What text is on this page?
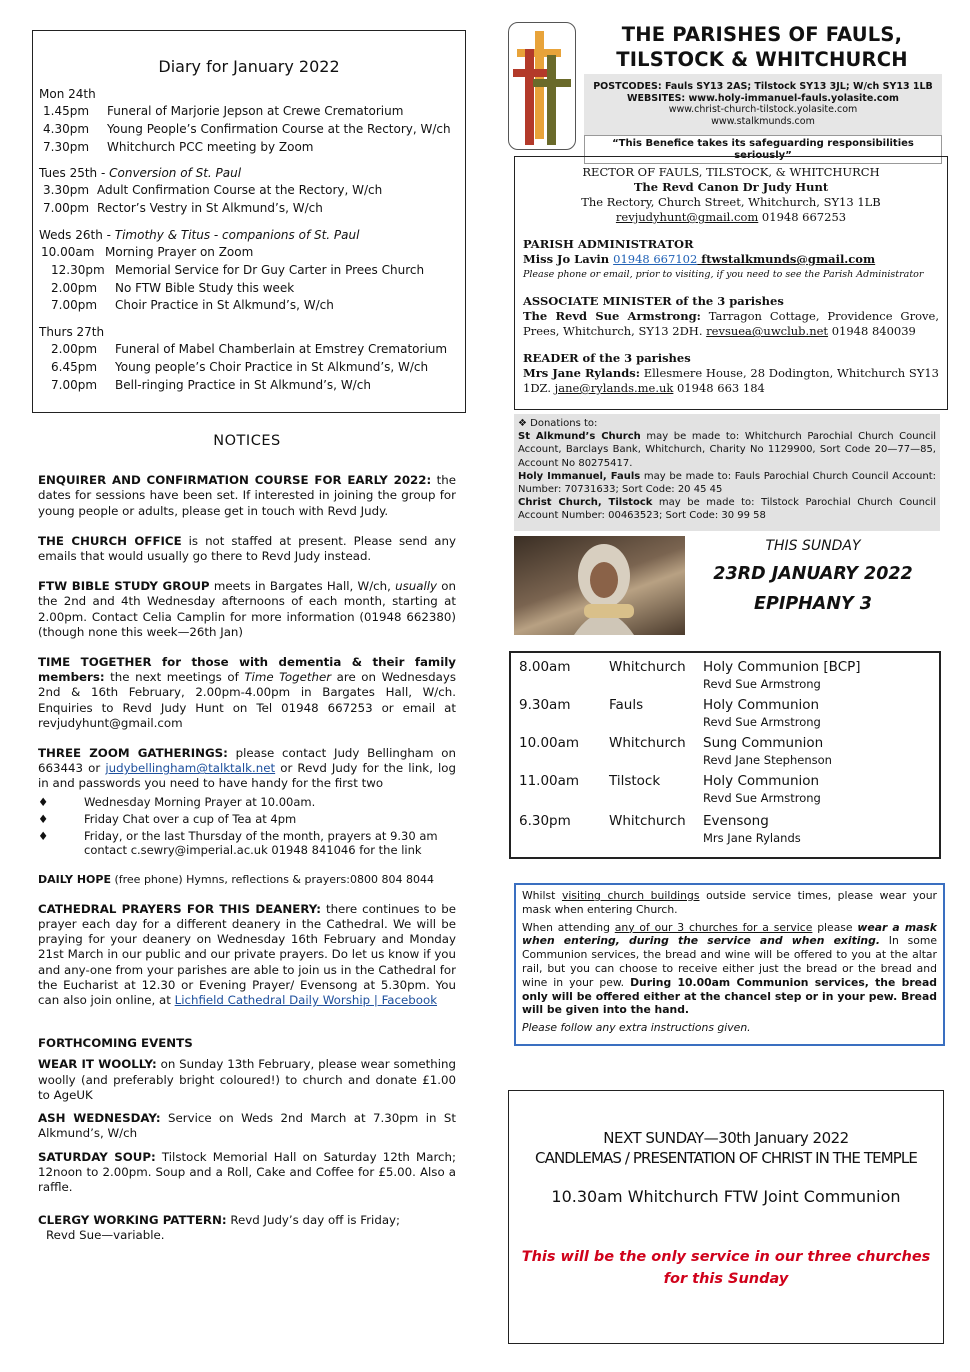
Diary for January 2022
Mon 24th
1.45pm Funeral of Marjorie Jepson at Crewe Crematorium
4.30pm Young People’s Confirmation Course at the Rectory, W/ch
7.30pm Whitchurch PCC meeting by Zoom
Tues 25th - Conversion of St. Paul
3.30pm Adult Confirmation Course at the Rectory, W/ch
7.00pm Rector’s Vestry in St Alkmund’s, W/ch
Weds 26th - Timothy & Titus - companions of St. Paul
10.00am Morning Prayer on Zoom
12.30pm Memorial Service for Dr Guy Carter in Prees Church
2.00pm No FTW Bible Study this week
7.00pm Choir Practice in St Alkmund’s, W/ch
Thurs 27th
2.00pm Funeral of Mabel Chamberlain at Emstrey Crematorium
6.45pm Young people’s Choir Practice in St Alkmund’s, W/ch
7.00pm Bell-ringing Practice in St Alkmund’s, W/ch
NOTICES

ENQUIRER AND CONFIRMATION COURSE FOR EARLY 2022: the dates for sessions have been set. If interested in joining the group for young people or adults, please get in touch with Revd Judy.

THE CHURCH OFFICE is not staffed at present. Please send any emails that would usually go there to Revd Judy instead.

FTW BIBLE STUDY GROUP meets in Bargates Hall, W/ch, usually on the 2nd and 4th Wednesday afternoons of each month, starting at 2.00pm. Contact Celia Camplin for more information (01948 662380) (though none this week—26th Jan)

TIME TOGETHER for those with dementia & their family members: the next meetings of Time Together are on Wednesdays 2nd & 16th February, 2.00pm-4.00pm in Bargates Hall, W/ch. Enquiries to Revd Judy Hunt on Tel 01948 667253 or email at revjudyhunt@gmail.com

THREE ZOOM GATHERINGS: please contact Judy Bellingham on 663443 or judybellingham@talktalk.net or Revd Judy for the link, log in and passwords you need to have handy for the first two
♦	Wednesday Morning Prayer at 10.00am.
♦	Friday Chat over a cup of Tea at 4pm
♦	Friday, or the last Thursday of the month, prayers at 9.30 am contact c.sewry@imperial.ac.uk 01948 841046 for the link

DAILY HOPE (free phone) Hymns, reflections & prayers:0800 804 8044

CATHEDRAL PRAYERS FOR THIS DEANERY: there continues to be prayer each day for a different deanery in the Cathedral. We will be praying for your deanery on Wednesday 16th February and Monday 21st March in our public and our private prayers. Do let us know if you and any-one from your parishes are able to join us in the Cathedral for the Eucharist at 12.30 or Evening Prayer/ Evensong at 5.30pm. You can also join online, at Lichfield Cathedral Daily Worship | Facebook

FORTHCOMING EVENTS

WEAR IT WOOLLY: on Sunday 13th February, please wear something woolly (and preferably bright coloured!) to church and donate £1.00 to AgeUK

ASH WEDNESDAY: Service on Weds 2nd March at 7.30pm in St Alkmund’s, W/ch

SATURDAY SOUP: Tilstock Memorial Hall on Saturday 12th March; 12noon to 2.00pm. Soup and a Roll, Cake and Coffee for £5.00. Also a raffle.

CLERGY WORKING PATTERN: Revd Judy’s day off is Friday;
Revd Sue—variable.

THE PARISHES OF FAULS,
TILSTOCK & WHITCHURCH
POSTCODES: Fauls SY13 2AS; Tilstock SY13 3JL; W/ch SY13 1LB
WEBSITES: www.holy-immanuel-fauls.yolasite.com
www.christ-church-tilstock.yolasite.com
www.stalkmunds.com
“This Benefice takes its safeguarding responsibilities seriously”
RECTOR OF FAULS, TILSTOCK, & WHITCHURCH
The Revd Canon Dr Judy Hunt
The Rectory, Church Street, Whitchurch, SY13 1LB
revjudyhunt@gmail.com 01948 667253
PARISH ADMINISTRATOR
Miss Jo Lavin 01948 667102 ftwstalkmunds@gmail.com
Please phone or email, prior to visiting, if you need to see the Parish Administrator
ASSOCIATE MINISTER of the 3 parishes
The Revd Sue Armstrong: Tarragon Cottage, Providence Grove, Prees, Whitchurch, SY13 2DH. revsuea@uwclub.net 01948 840039
READER of the 3 parishes
Mrs Jane Rylands: Ellesmere House, 28 Dodington, Whitchurch SY13 1DZ. jane@rylands.me.uk 01948 663 184
❖ Donations to:
St Alkmund’s Church may be made to: Whitchurch Parochial Church Council Account, Barclays Bank, Whitchurch, Charity No 1129900, Sort Code 20—77—85, Account No 80275417.
Holy Immanuel, Fauls may be made to: Fauls Parochial Church Council Account: Number: 70731633; Sort Code: 20 45 45
Christ Church, Tilstock may be made to: Tilstock Parochial Church Council Account Number: 00463523; Sort Code: 30 99 58
THIS SUNDAY
23RD JANUARY 2022
EPIPHANY 3
8.00am	Whitchurch Holy Communion [BCP]
Revd Sue Armstrong
9.30am	Fauls	Holy Communion
Revd Sue Armstrong
10.00am Whitchurch Sung Communion
Revd Jane Stephenson
11.00am Tilstock	Holy Communion
Revd Sue Armstrong
6.30pm	Whitchurch Evensong
Mrs Jane Rylands

Whilst visiting church buildings outside service times, please wear your mask when entering Church.

When attending any of our 3 churches for a service please wear a mask when entering, during the service and when exiting. In some Communion services, the bread and wine will be offered to you at the altar rail, but you can choose to receive either just the bread or the bread and wine in your pew. During 10.00am Communion services, the bread only will be offered either at the chancel step or in your pew. Bread will be given into the hand.

Please follow any extra instructions given.

NEXT SUNDAY—30th January 2022
CANDLEMAS / PRESENTATION OF CHRIST IN THE TEMPLE
10.30am Whitchurch FTW Joint Communion
This will be the only service in our three churches
for this Sunday
